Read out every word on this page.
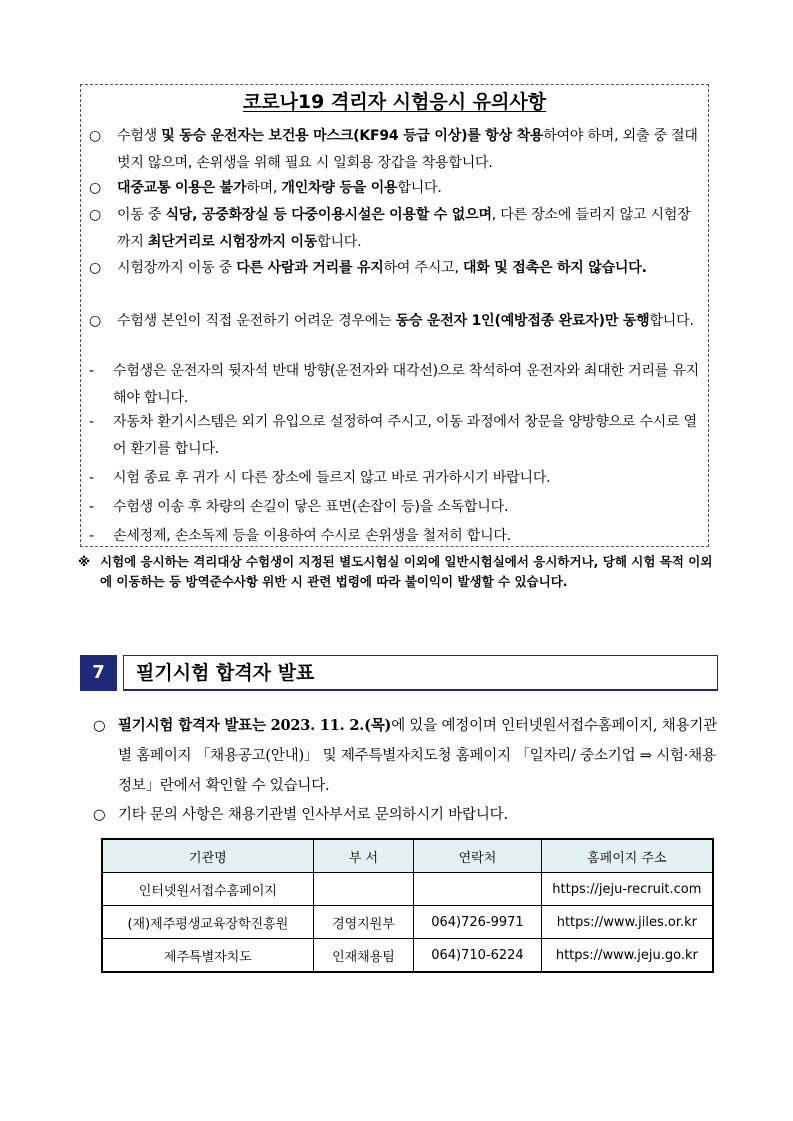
코로나19 격리자 시험응시 유의사항
○	수험생 및 동승 운전자는 보건용 마스크(KF94 등급 이상)를 항상 착용하여야 하며, 외출 중 절대 벗지 않으며, 손위생을 위해 필요 시 일회용 장갑을 착용합니다.
○	대중교통 이용은 불가하며, 개인차량 등을 이용합니다.
○	이동 중 식당, 공중화장실 등 다중이용시설은 이용할 수 없으며, 다른 장소에 들리지 않고 시험장까지 최단거리로 시험장까지 이동합니다.
○	시험장까지 이동 중 다른 사람과 거리를 유지하여 주시고, 대화 및 접촉은 하지 않습니다.
○	수험생 본인이 직접 운전하기 어려운 경우에는 동승 운전자 1인(예방접종 완료자)만 동행합니다.
-	수험생은 운전자의 뒷자석 반대 방향(운전자와 대각선)으로 착석하여 운전자와 최대한 거리를 유지해야 합니다.
-	자동차 환기시스템은 외기 유입으로 설정하여 주시고, 이동 과정에서 창문을 양방향으로 수시로 열어 환기를 합니다.
-	시험 종료 후 귀가 시 다른 장소에 들르지 않고 바로 귀가하시기 바랍니다.
-	수험생 이송 후 차량의 손길이 닿은 표면(손잡이 등)을 소독합니다.
-	손세정제, 손소독제 등을 이용하여 수시로 손위생을 철저히 합니다.
※ 시험에 응시하는 격리대상 수험생이 지정된 별도시험실 이외에 일반시험실에서 응시하거나, 당해 시험 목적 이외에 이동하는 등 방역준수사항 위반 시 관련 법령에 따라 불이익이 발생할 수 있습니다.
7	필기시험 합격자 발표
○ 필기시험 합격자 발표는 2023. 11. 2.(목)에 있을 예정이며 인터넷원서접수홈페이지, 채용기관별 홈페이지 「채용공고(안내)」 및 제주특별자치도청 홈페이지 「일자리/ 중소기업 ⇒ 시험·채용정보」란에서 확인할 수 있습니다.
○ 기타 문의 사항은 채용기관별 인사부서로 문의하시기 바랍니다.
기관명	부 서	연락처	홈페이지 주소
인터넷원서접수홈페이지			https://jeju-recruit.com
(재)제주평생교육장학진흥원	경영지원부	064)726-9971	https://www.jiles.or.kr
제주특별자치도	인재채용팀	064)710-6224	https://www.jeju.go.kr
